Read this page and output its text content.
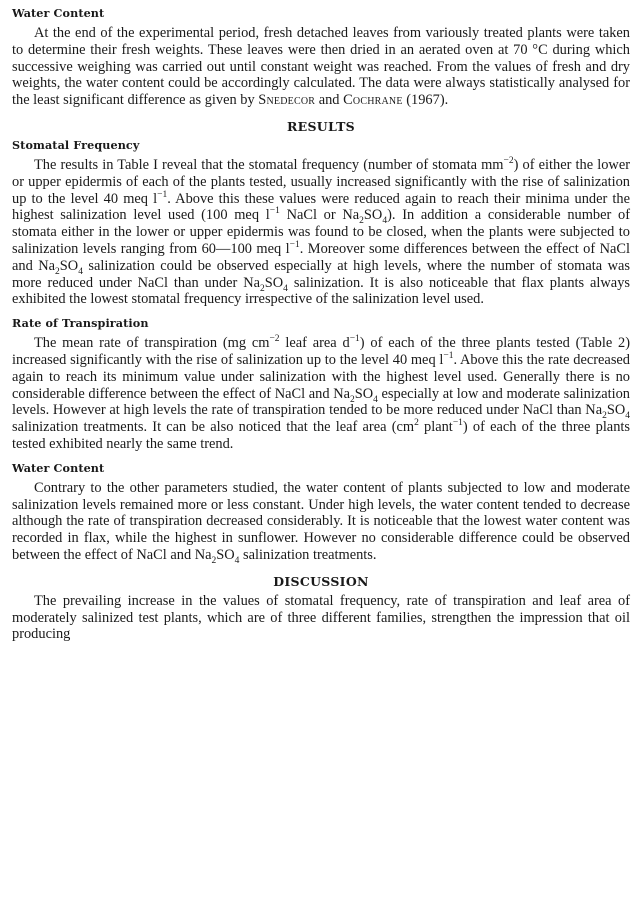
Water Content

At the end of the experimental period, fresh detached leaves from variously treated plants were taken to determine their fresh weights. These leaves were then dried in an aerated oven at 70 °C during which successive weighing was carried out until constant weight was reached. From the values of fresh and dry weights, the water content could be accordingly calculated. The data were always statistically analysed for the least significant difference as given by Snedecor and Cochrane (1967).

RESULTS
Stomatal Frequency

The results in Table I reveal that the stomatal frequency (number of stomata $mm^{-2}$) of either the lower or upper epidermis of each of the plants tested, usually increased significantly with the rise of salinization up to the level 40 meq $l^{-1}$. Above this these values were reduced again to reach their minima under the highest salinization level used (100 meq $l^{-1}$ NaCl or $Na_2SO_4$). In addition a considerable number of stomata either in the lower or upper epidermis was found to be closed, when the plants were subjected to salinization levels ranging from 60—100 meq $l^{-1}$. Moreover some differences between the effect of NaCl and $Na_2SO_4$ salinization could be observed especially at high levels, where the number of stomata was more reduced under NaCl than under $Na_2SO_4$ salinization. It is also noticeable that flax plants always exhibited the lowest stomatal frequency irrespective of the salinization level used.

Rate of Transpiration

The mean rate of transpiration (mg $cm^{-2}$ leaf area $d^{-1}$) of each of the three plants tested (Table 2) increased significantly with the rise of salinization up to the level 40 meq $l^{-1}$. Above this the rate decreased again to reach its minimum value under salinization with the highest level used. Generally there is no considerable difference between the effect of NaCl and $Na_2SO_4$ especially at low and moderate salinization levels. However at high levels the rate of transpiration tended to be more reduced under NaCl than $Na_2SO_4$ salinization treatments. It can be also noticed that the leaf area ($cm^2$ plant$^{-1}$) of each of the three plants tested exhibited nearly the same trend.

Water Content

Contrary to the other parameters studied, the water content of plants subjected to low and moderate salinization levels remained more or less constant. Under high levels, the water content tended to decrease although the rate of transpiration decreased considerably. It is noticeable that the lowest water content was recorded in flax, while the highest in sunflower. However no considerable difference could be observed between the effect of NaCl and $Na_2SO_4$ salinization treatments.

DISCUSSION

The prevailing increase in the values of stomatal frequency, rate of transpiration and leaf area of moderately salinized test plants, which are of three different families, strengthen the impression that oil producing
